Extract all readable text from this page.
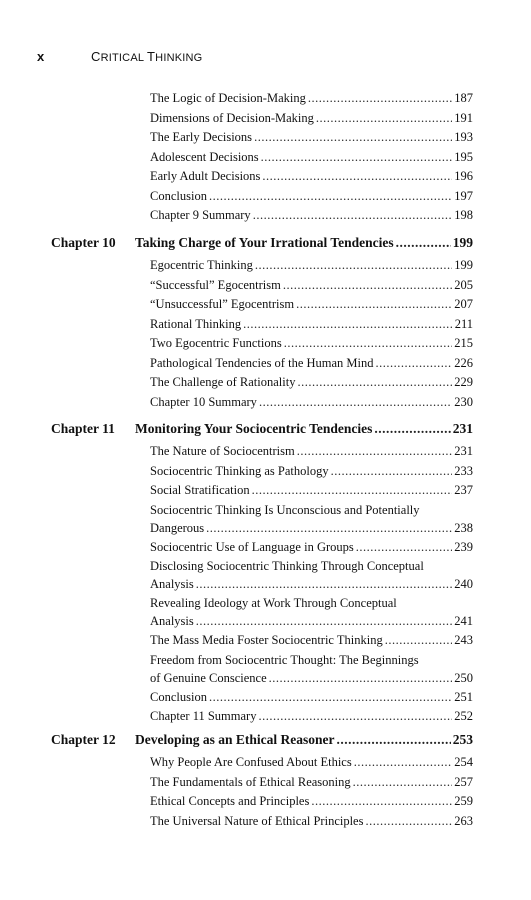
x	CRITICAL THINKING
The Logic of Decision-Making .....	187
Dimensions of Decision-Making .....	191
The Early Decisions .....	193
Adolescent Decisions .....	195
Early Adult Decisions .....	196
Conclusion .....	197
Chapter 9 Summary .....	198
Chapter 10	Taking Charge of Your Irrational Tendencies .....	199
Egocentric Thinking .....	199
“Successful” Egocentrism .....	205
“Unsuccessful” Egocentrism .....	207
Rational Thinking .....	211
Two Egocentric Functions .....	215
Pathological Tendencies of the Human Mind .....	226
The Challenge of Rationality .....	229
Chapter 10 Summary .....	230
Chapter 11	Monitoring Your Sociocentric Tendencies .....	231
The Nature of Sociocentrism .....	231
Sociocentric Thinking as Pathology .....	233
Social Stratification .....	237
Sociocentric Thinking Is Unconscious and Potentially
Dangerous .....	238
Sociocentric Use of Language in Groups .....	239
Disclosing Sociocentric Thinking Through Conceptual
Analysis .....	240
Revealing Ideology at Work Through Conceptual
Analysis .....	241
The Mass Media Foster Sociocentric Thinking .....	243
Freedom from Sociocentric Thought: The Beginnings
of Genuine Conscience .....	250
Conclusion .....	251
Chapter 11 Summary .....	252
Chapter 12	Developing as an Ethical Reasoner .....	253
Why People Are Confused About Ethics .....	254
The Fundamentals of Ethical Reasoning .....	257
Ethical Concepts and Principles .....	259
The Universal Nature of Ethical Principles .....	263
